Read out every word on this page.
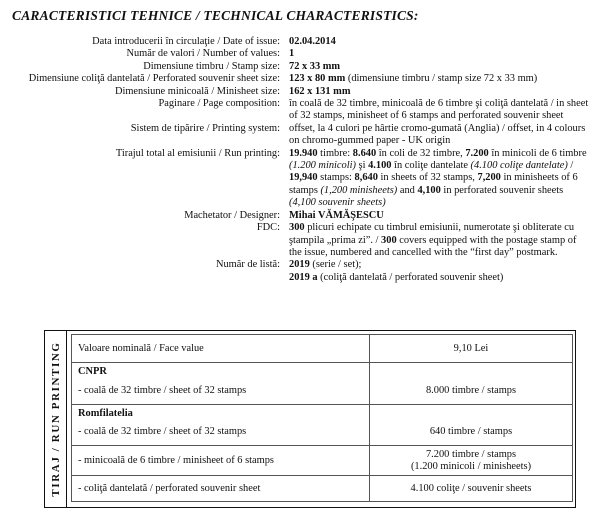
CARACTERISTICI TEHNICE / TECHNICAL CHARACTERISTICS:
Data introducerii în circulaţie / Date of issue:	02.04.2014
Număr de valori / Number of values:	1
Dimensiune timbru / Stamp size:	72 x 33 mm
Dimensiune coliţă dantelată / Perforated souvenir sheet size:	123 x 80 mm (dimensiune timbru / stamp size 72 x 33 mm)
Dimensiune minicoală / Minisheet size:	162 x 131 mm
Paginare / Page composition:	în coală de 32 timbre, minicoală de 6 timbre şi coliţă dantelată / in sheet of 32 stamps, minisheet of 6 stamps and perforated souvenir sheet
Sistem de tipărire / Printing system:	offset, la 4 culori pe hârtie cromo-gumată (Anglia) / offset, in 4 colours on chromo-gummed paper - UK origin
Tirajul total al emisiunii / Run printing:	19.940 timbre: 8.640 în coli de 32 timbre, 7.200 în minicoli de 6 timbre (1.200 minicoli) şi 4.100 în coliţe dantelate (4.100 coliţe dantelate) / 19,940 stamps: 8,640 in sheets of 32 stamps, 7,200 in minisheets of 6 stamps (1,200 minisheets) and 4,100 in perforated souvenir sheets (4,100 souvenir sheets)
Machetator / Designer:	Mihai VĂMĂŞESCU
FDC:	300 plicuri echipate cu timbrul emisiunii, numerotate şi obliterate cu ştampila „prima zi”. / 300 covers equipped with the postage stamp of the issue, numbered and cancelled with the “first day” postmark.
Număr de listă:	2019 (serie / set);
2019 a (coliţă dantelată / perforated souvenir sheet)
TIRAJ / RUN PRINTING Valoare nominală / Face value	9,10 Lei
CNPR	
- coală de 32 timbre / sheet of 32 stamps	8.000 timbre / stamps
Romfilatelia	
- coală de 32 timbre / sheet of 32 stamps	640 timbre / stamps
- minicoală de 6 timbre / minisheet of 6 stamps	7.200 timbre / stamps
(1.200 minicoli / minisheets)
- coliţă dantelată / perforated souvenir sheet	4.100 coliţe / souvenir sheets
